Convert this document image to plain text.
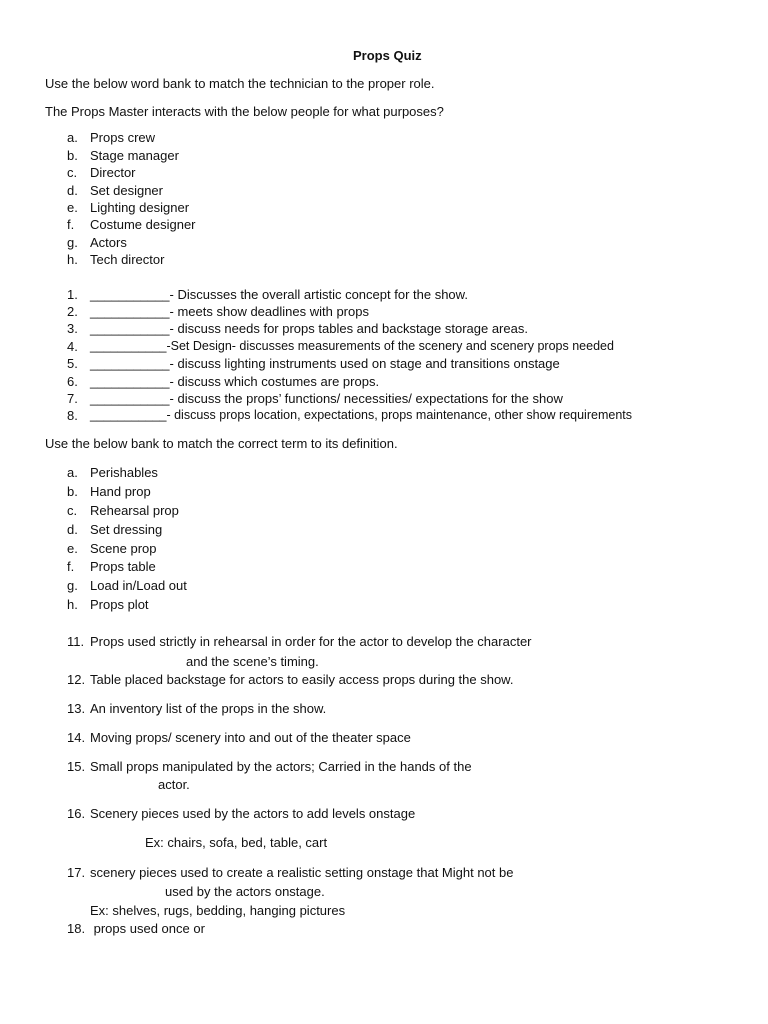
Props Quiz
Use the below word bank to match the technician to the proper role.
The Props Master interacts with the below people for what purposes?
a. Props crew
b. Stage manager
c. Director
d. Set designer
e. Lighting designer
f. Costume designer
g. Actors
h. Tech director
1. ___________- Discusses the overall artistic concept for the show.
2. ___________- meets show deadlines with props
3. ___________- discuss needs for props tables and backstage storage areas.
4. ___________-Set Design- discusses measurements of the scenery and scenery props needed
5. ___________- discuss lighting instruments used on stage and transitions onstage
6. ___________- discuss which costumes are props.
7. ___________- discuss the props’ functions/ necessities/ expectations for the show
8. ___________- discuss props location, expectations, props maintenance, other show requirements
Use the below bank to match the correct term to its definition.
a. Perishables
b. Hand prop
c. Rehearsal prop
d. Set dressing
e. Scene prop
f. Props table
g. Load in/Load out
h. Props plot
11. Props used strictly in rehearsal in order for the actor to develop the character
and the scene’s timing.
12. Table placed backstage for actors to easily access props during the show.
13. An inventory list of the props in the show.
14. Moving props/ scenery into and out of the theater space
15. Small props manipulated by the actors; Carried in the hands of the
actor.
16. Scenery pieces used by the actors to add levels onstage
Ex: chairs, sofa, bed, table, cart
17. scenery pieces used to create a realistic setting onstage that Might not be
used by the actors onstage.
Ex: shelves, rugs, bedding, hanging pictures
18. props used once or
